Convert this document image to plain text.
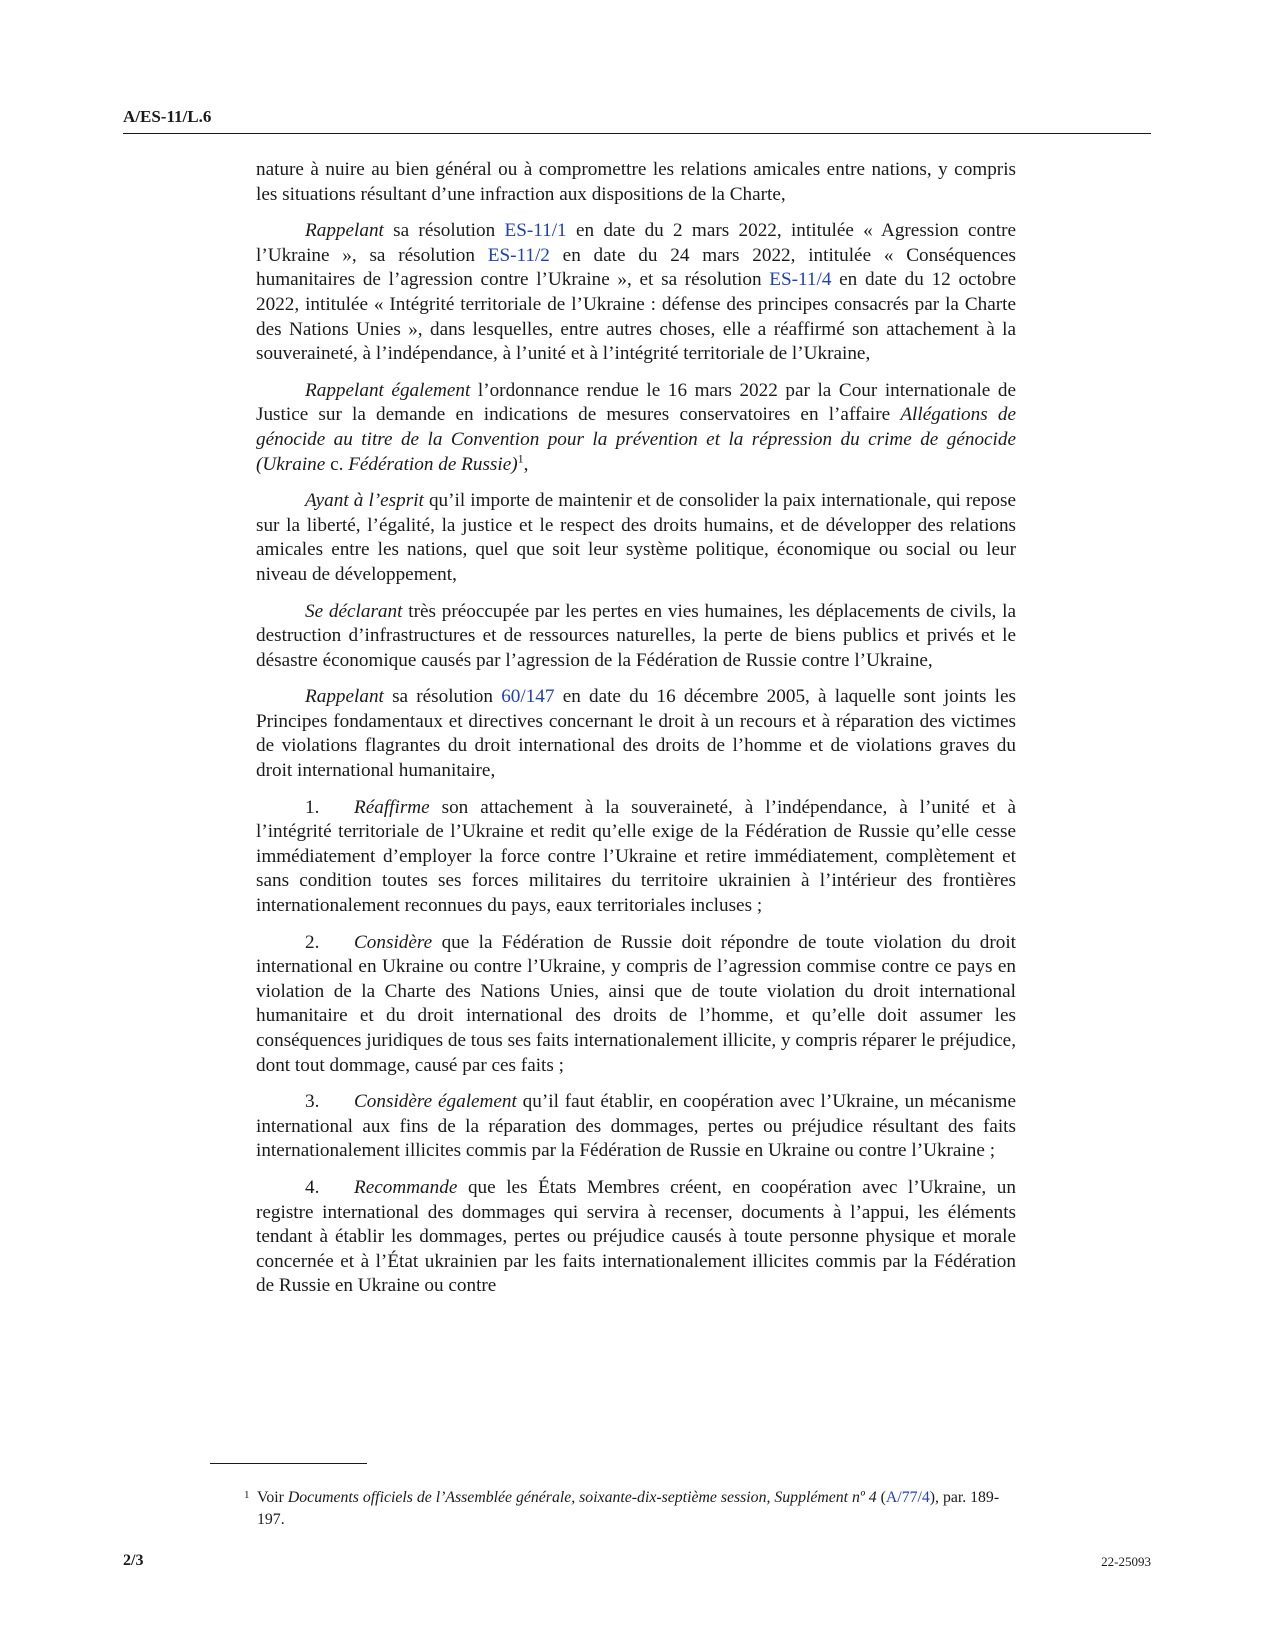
A/ES-11/L.6

nature à nuire au bien général ou à compromettre les relations amicales entre nations, y compris les situations résultant d’une infraction aux dispositions de la Charte,

Rappelant sa résolution ES-11/1 en date du 2 mars 2022, intitulée « Agression contre l’Ukraine », sa résolution ES-11/2 en date du 24 mars 2022, intitulée « Conséquences humanitaires de l’agression contre l’Ukraine », et sa résolution ES-11/4 en date du 12 octobre 2022, intitulée « Intégrité territoriale de l’Ukraine : défense des principes consacrés par la Charte des Nations Unies », dans lesquelles, entre autres choses, elle a réaffirmé son attachement à la souveraineté, à l’indépendance, à l’unité et à l’intégrité territoriale de l’Ukraine,

Rappelant également l’ordonnance rendue le 16 mars 2022 par la Cour internationale de Justice sur la demande en indications de mesures conservatoires en l’affaire Allégations de génocide au titre de la Convention pour la prévention et la répression du crime de génocide (Ukraine c. Fédération de Russie)$^1$,

Ayant à l’esprit qu’il importe de maintenir et de consolider la paix internationale, qui repose sur la liberté, l’égalité, la justice et le respect des droits humains, et de développer des relations amicales entre les nations, quel que soit leur système politique, économique ou social ou leur niveau de développement,

Se déclarant très préoccupée par les pertes en vies humaines, les déplacements de civils, la destruction d’infrastructures et de ressources naturelles, la perte de biens publics et privés et le désastre économique causés par l’agression de la Fédération de Russie contre l’Ukraine,

Rappelant sa résolution 60/147 en date du 16 décembre 2005, à laquelle sont joints les Principes fondamentaux et directives concernant le droit à un recours et à réparation des victimes de violations flagrantes du droit international des droits de l’homme et de violations graves du droit international humanitaire,

1. Réaffirme son attachement à la souveraineté, à l’indépendance, à l’unité et à l’intégrité territoriale de l’Ukraine et redit qu’elle exige de la Fédération de Russie qu’elle cesse immédiatement d’employer la force contre l’Ukraine et retire immédiatement, complètement et sans condition toutes ses forces militaires du territoire ukrainien à l’intérieur des frontières internationalement reconnues du pays, eaux territoriales incluses ;

2. Considère que la Fédération de Russie doit répondre de toute violation du droit international en Ukraine ou contre l’Ukraine, y compris de l’agression commise contre ce pays en violation de la Charte des Nations Unies, ainsi que de toute violation du droit international humanitaire et du droit international des droits de l’homme, et qu’elle doit assumer les conséquences juridiques de tous ses faits internationalement illicite, y compris réparer le préjudice, dont tout dommage, causé par ces faits ;

3. Considère également qu’il faut établir, en coopération avec l’Ukraine, un mécanisme international aux fins de la réparation des dommages, pertes ou préjudice résultant des faits internationalement illicites commis par la Fédération de Russie en Ukraine ou contre l’Ukraine ;

4. Recommande que les États Membres créent, en coopération avec l’Ukraine, un registre international des dommages qui servira à recenser, documents à l’appui, les éléments tendant à établir les dommages, pertes ou préjudice causés à toute personne physique et morale concernée et à l’État ukrainien par les faits internationalement illicites commis par la Fédération de Russie en Ukraine ou contre

1 Voir Documents officiels de l’Assemblée générale, soixante-dix-septième session, Supplément nº 4 (A/77/4), par. 189-197.
2/3	22-25093
